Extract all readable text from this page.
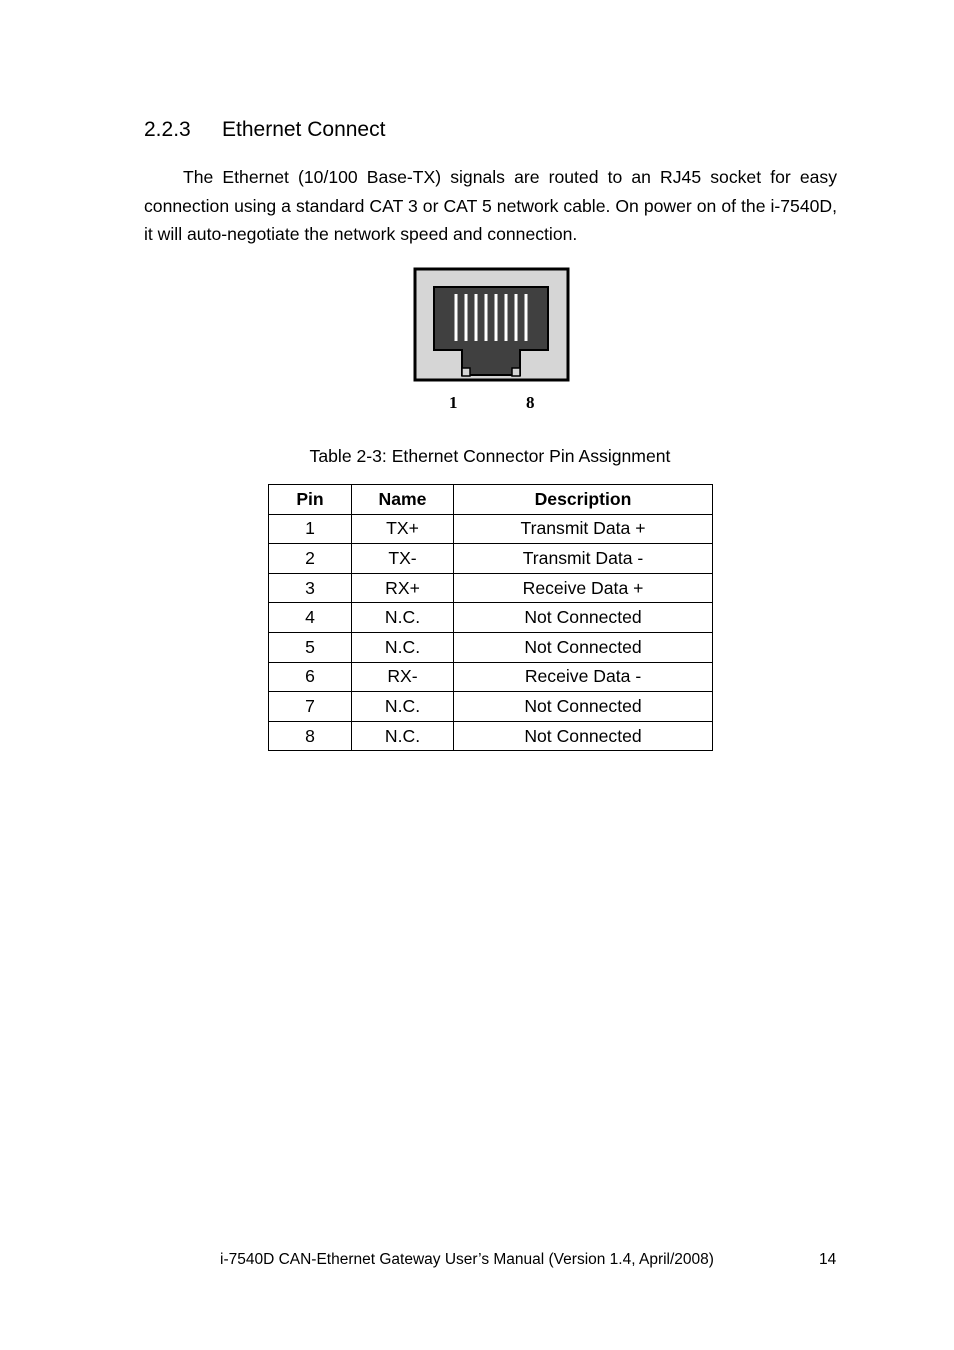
2.2.3 Ethernet Connect

The Ethernet (10/100 Base-TX) signals are routed to an RJ45 socket for easy connection using a standard CAT 3 or CAT 5 network cable. On power on of the i-7540D, it will auto-negotiate the network speed and connection.

1	8
Table 2-3: Ethernet Connector Pin Assignment
Pin	Name	Description
1	TX+	Transmit Data +
2	TX-	Transmit Data -
3	RX+	Receive Data +
4	N.C.	Not Connected
5	N.C.	Not Connected
6	RX-	Receive Data -
7	N.C.	Not Connected
8	N.C.	Not Connected
i-7540D CAN-Ethernet Gateway User’s Manual (Version 1.4, April/2008)	14
